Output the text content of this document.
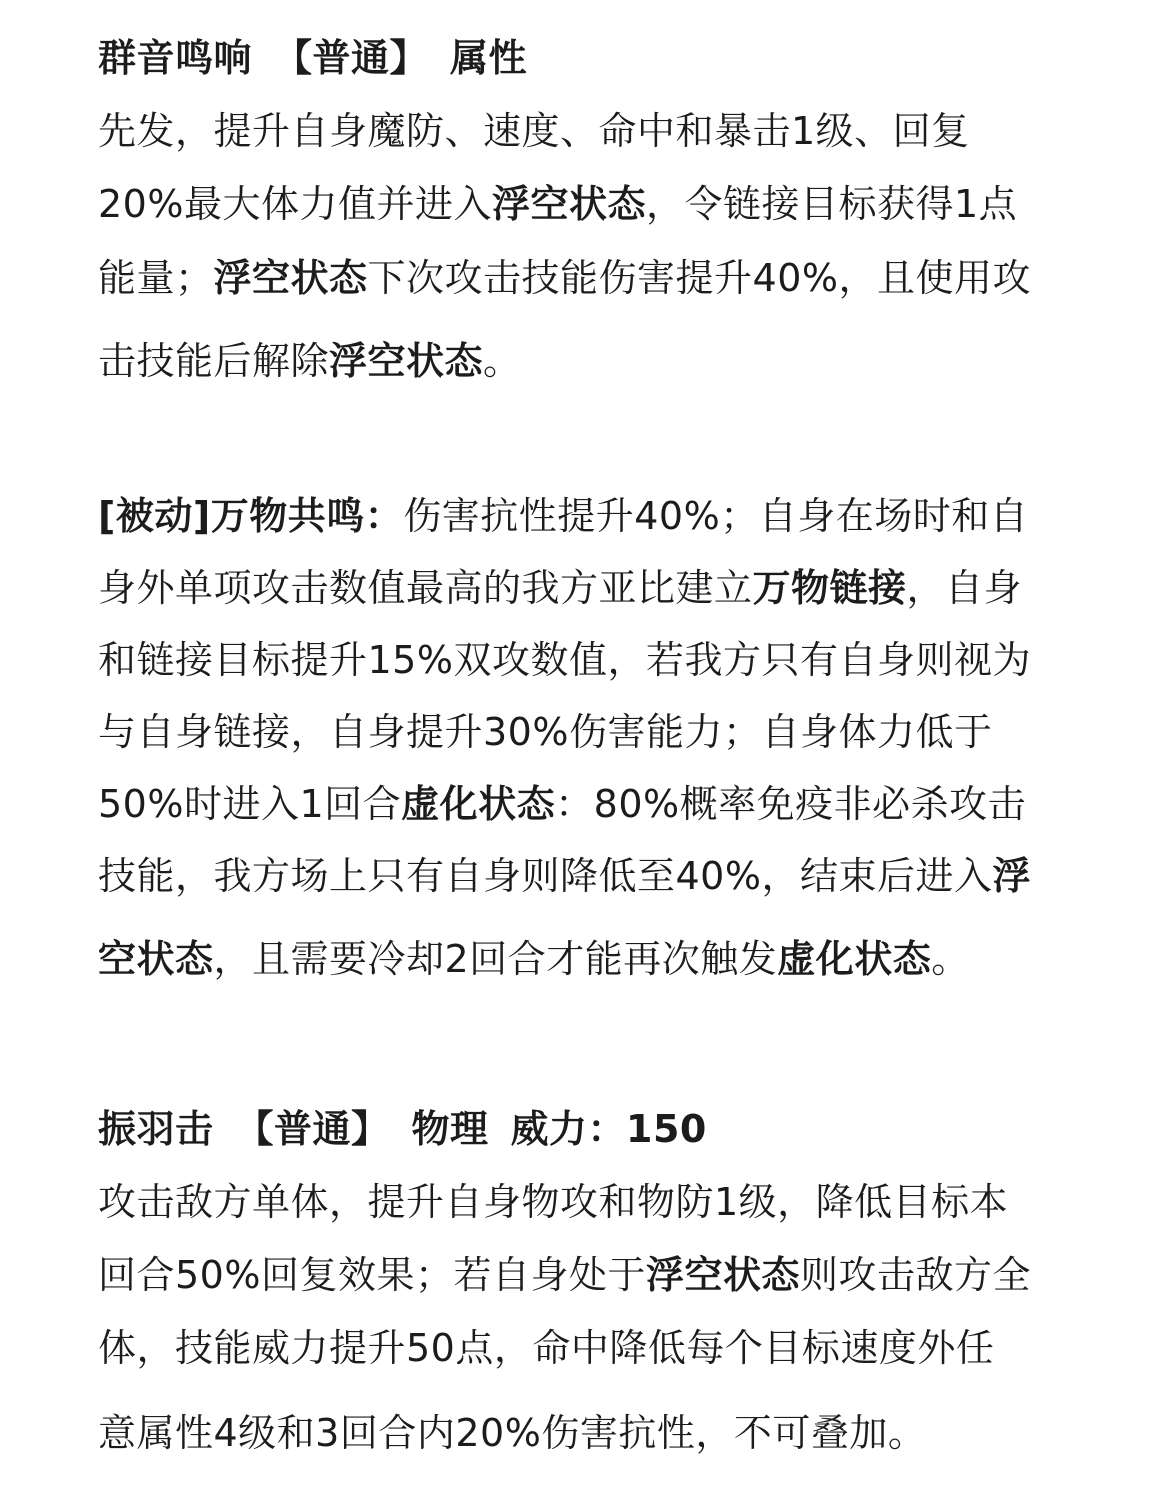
群音鸣响 【普通】 属性
先发，提升自身魔防、速度、命中和暴击1级、回复
20%最大体力值并进入浮空状态，令链接目标获得1点
能量；浮空状态下次攻击技能伤害提升40%，且使用攻
击技能后解除浮空状态。
[被动]万物共鸣：伤害抗性提升40%；自身在场时和自
身外单项攻击数值最高的我方亚比建立万物链接，自身
和链接目标提升15%双攻数值，若我方只有自身则视为
与自身链接，自身提升30%伤害能力；自身体力低于
50%时进入1回合虚化状态：80%概率免疫非必杀攻击
技能，我方场上只有自身则降低至40%，结束后进入浮
空状态，且需要冷却2回合才能再次触发虚化状态。
振羽击 【普通】 物理 威力：150
攻击敌方单体，提升自身物攻和物防1级，降低目标本
回合50%回复效果；若自身处于浮空状态则攻击敌方全
体，技能威力提升50点，命中降低每个目标速度外任
意属性4级和3回合内20%伤害抗性，不可叠加。
